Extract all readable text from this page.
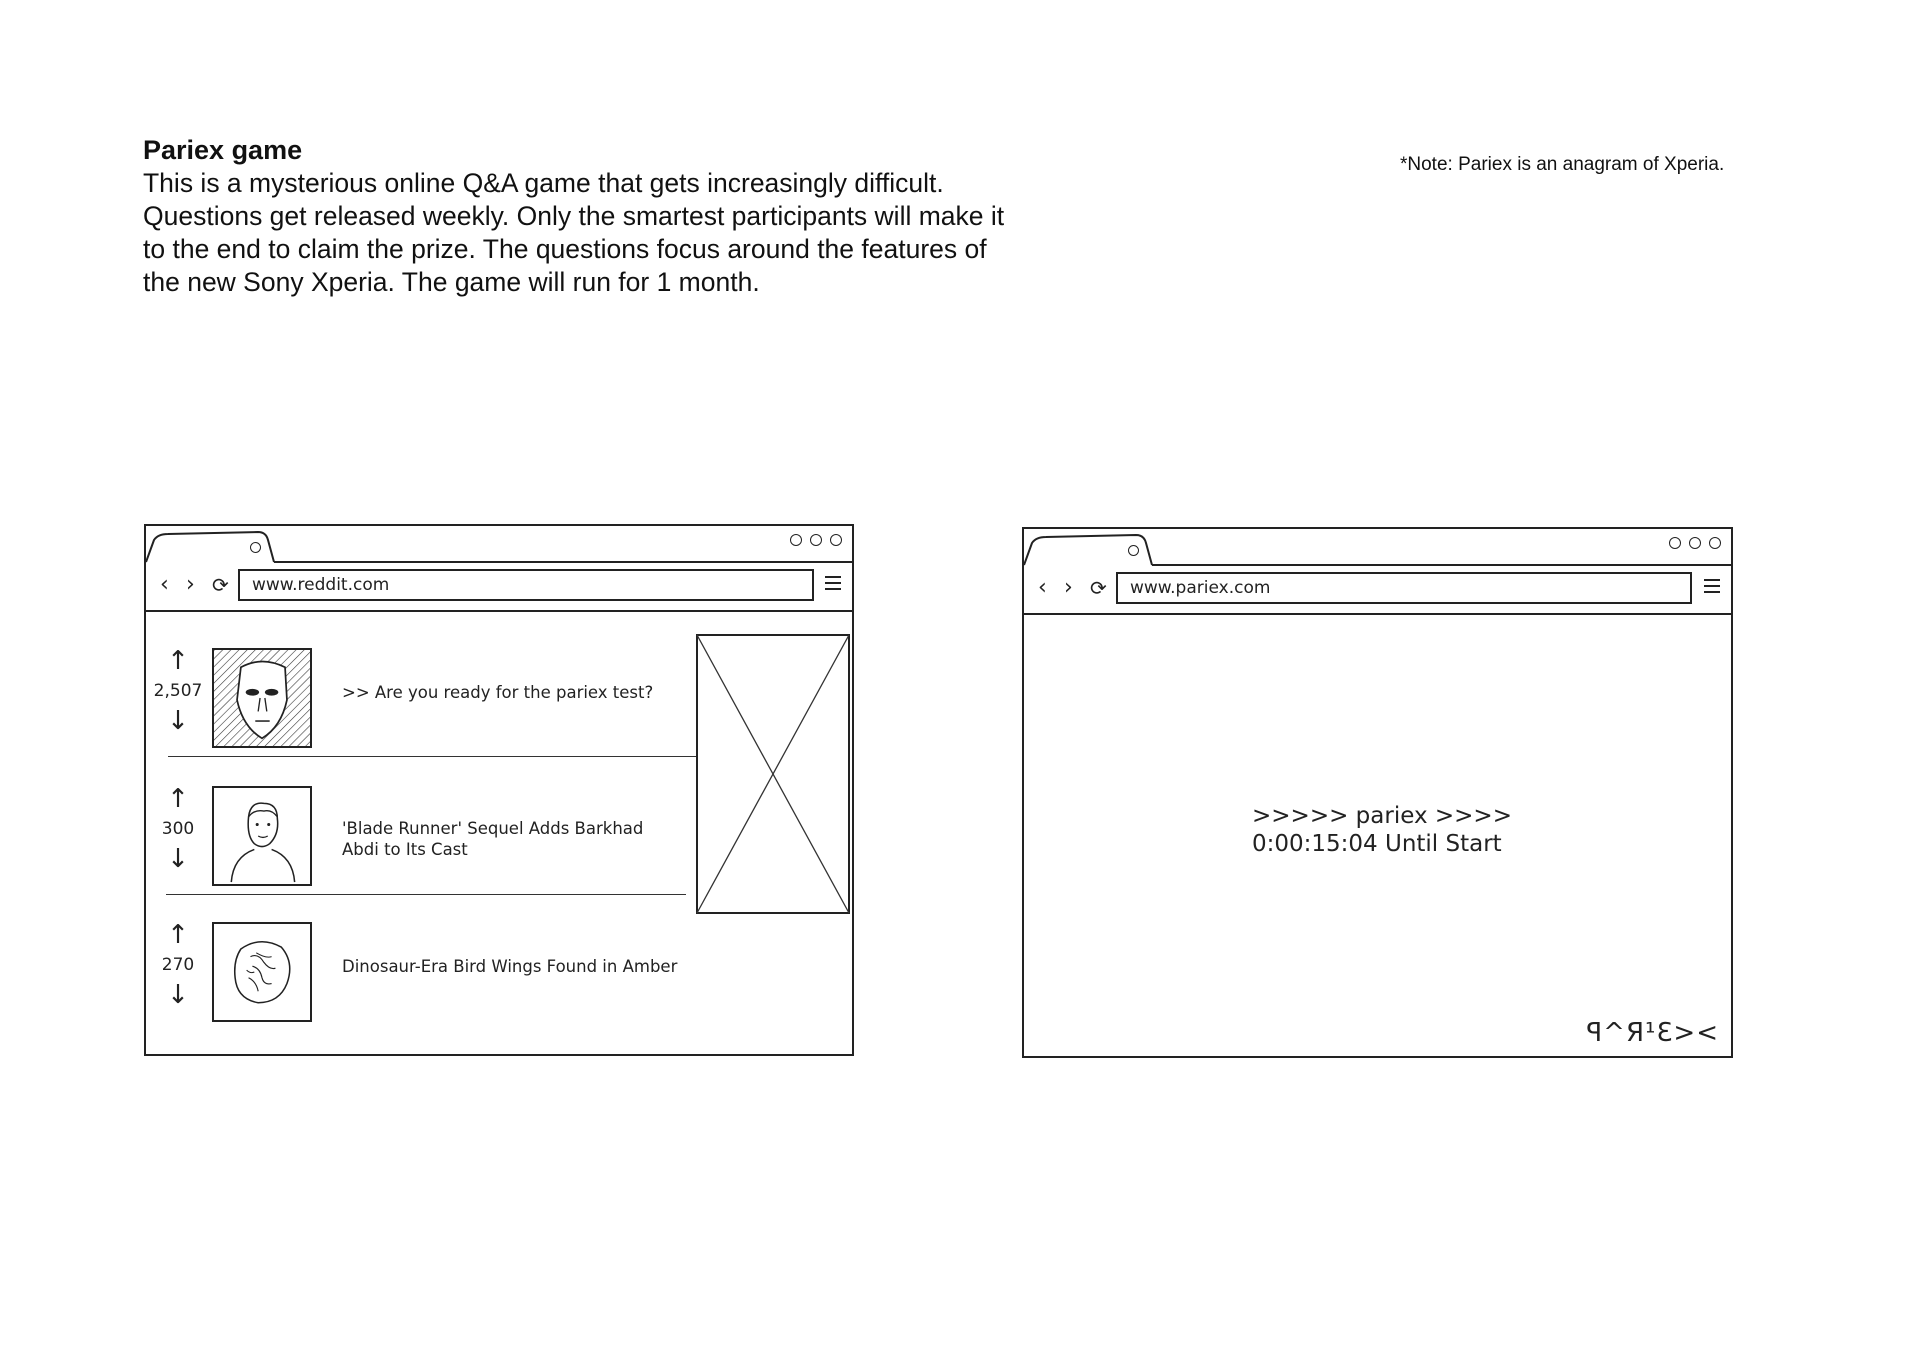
Pariex game
This is a mysterious online Q&A game that gets increasingly difficult. Questions get released weekly. Only the smartest participants will make it to the end to claim the prize. The questions focus around the features of the new Sony Xperia. The game will run for 1 month.
*Note: Pariex is an anagram of Xperia.
‹ › ⟳	www.reddit.com
↑
2,507
↓
>> Are you ready for the pariex test?
↑
300
↓
'Blade Runner' Sequel Adds Barkhad Abdi to Its Cast
↑
270
↓
Dinosaur-Era Bird Wings Found in Amber
‹ › ⟳	www.pariex.com
>>>>> pariex >>>>
0:00:15:04 Until Start
ꟼ^Я¹Ɛ><
